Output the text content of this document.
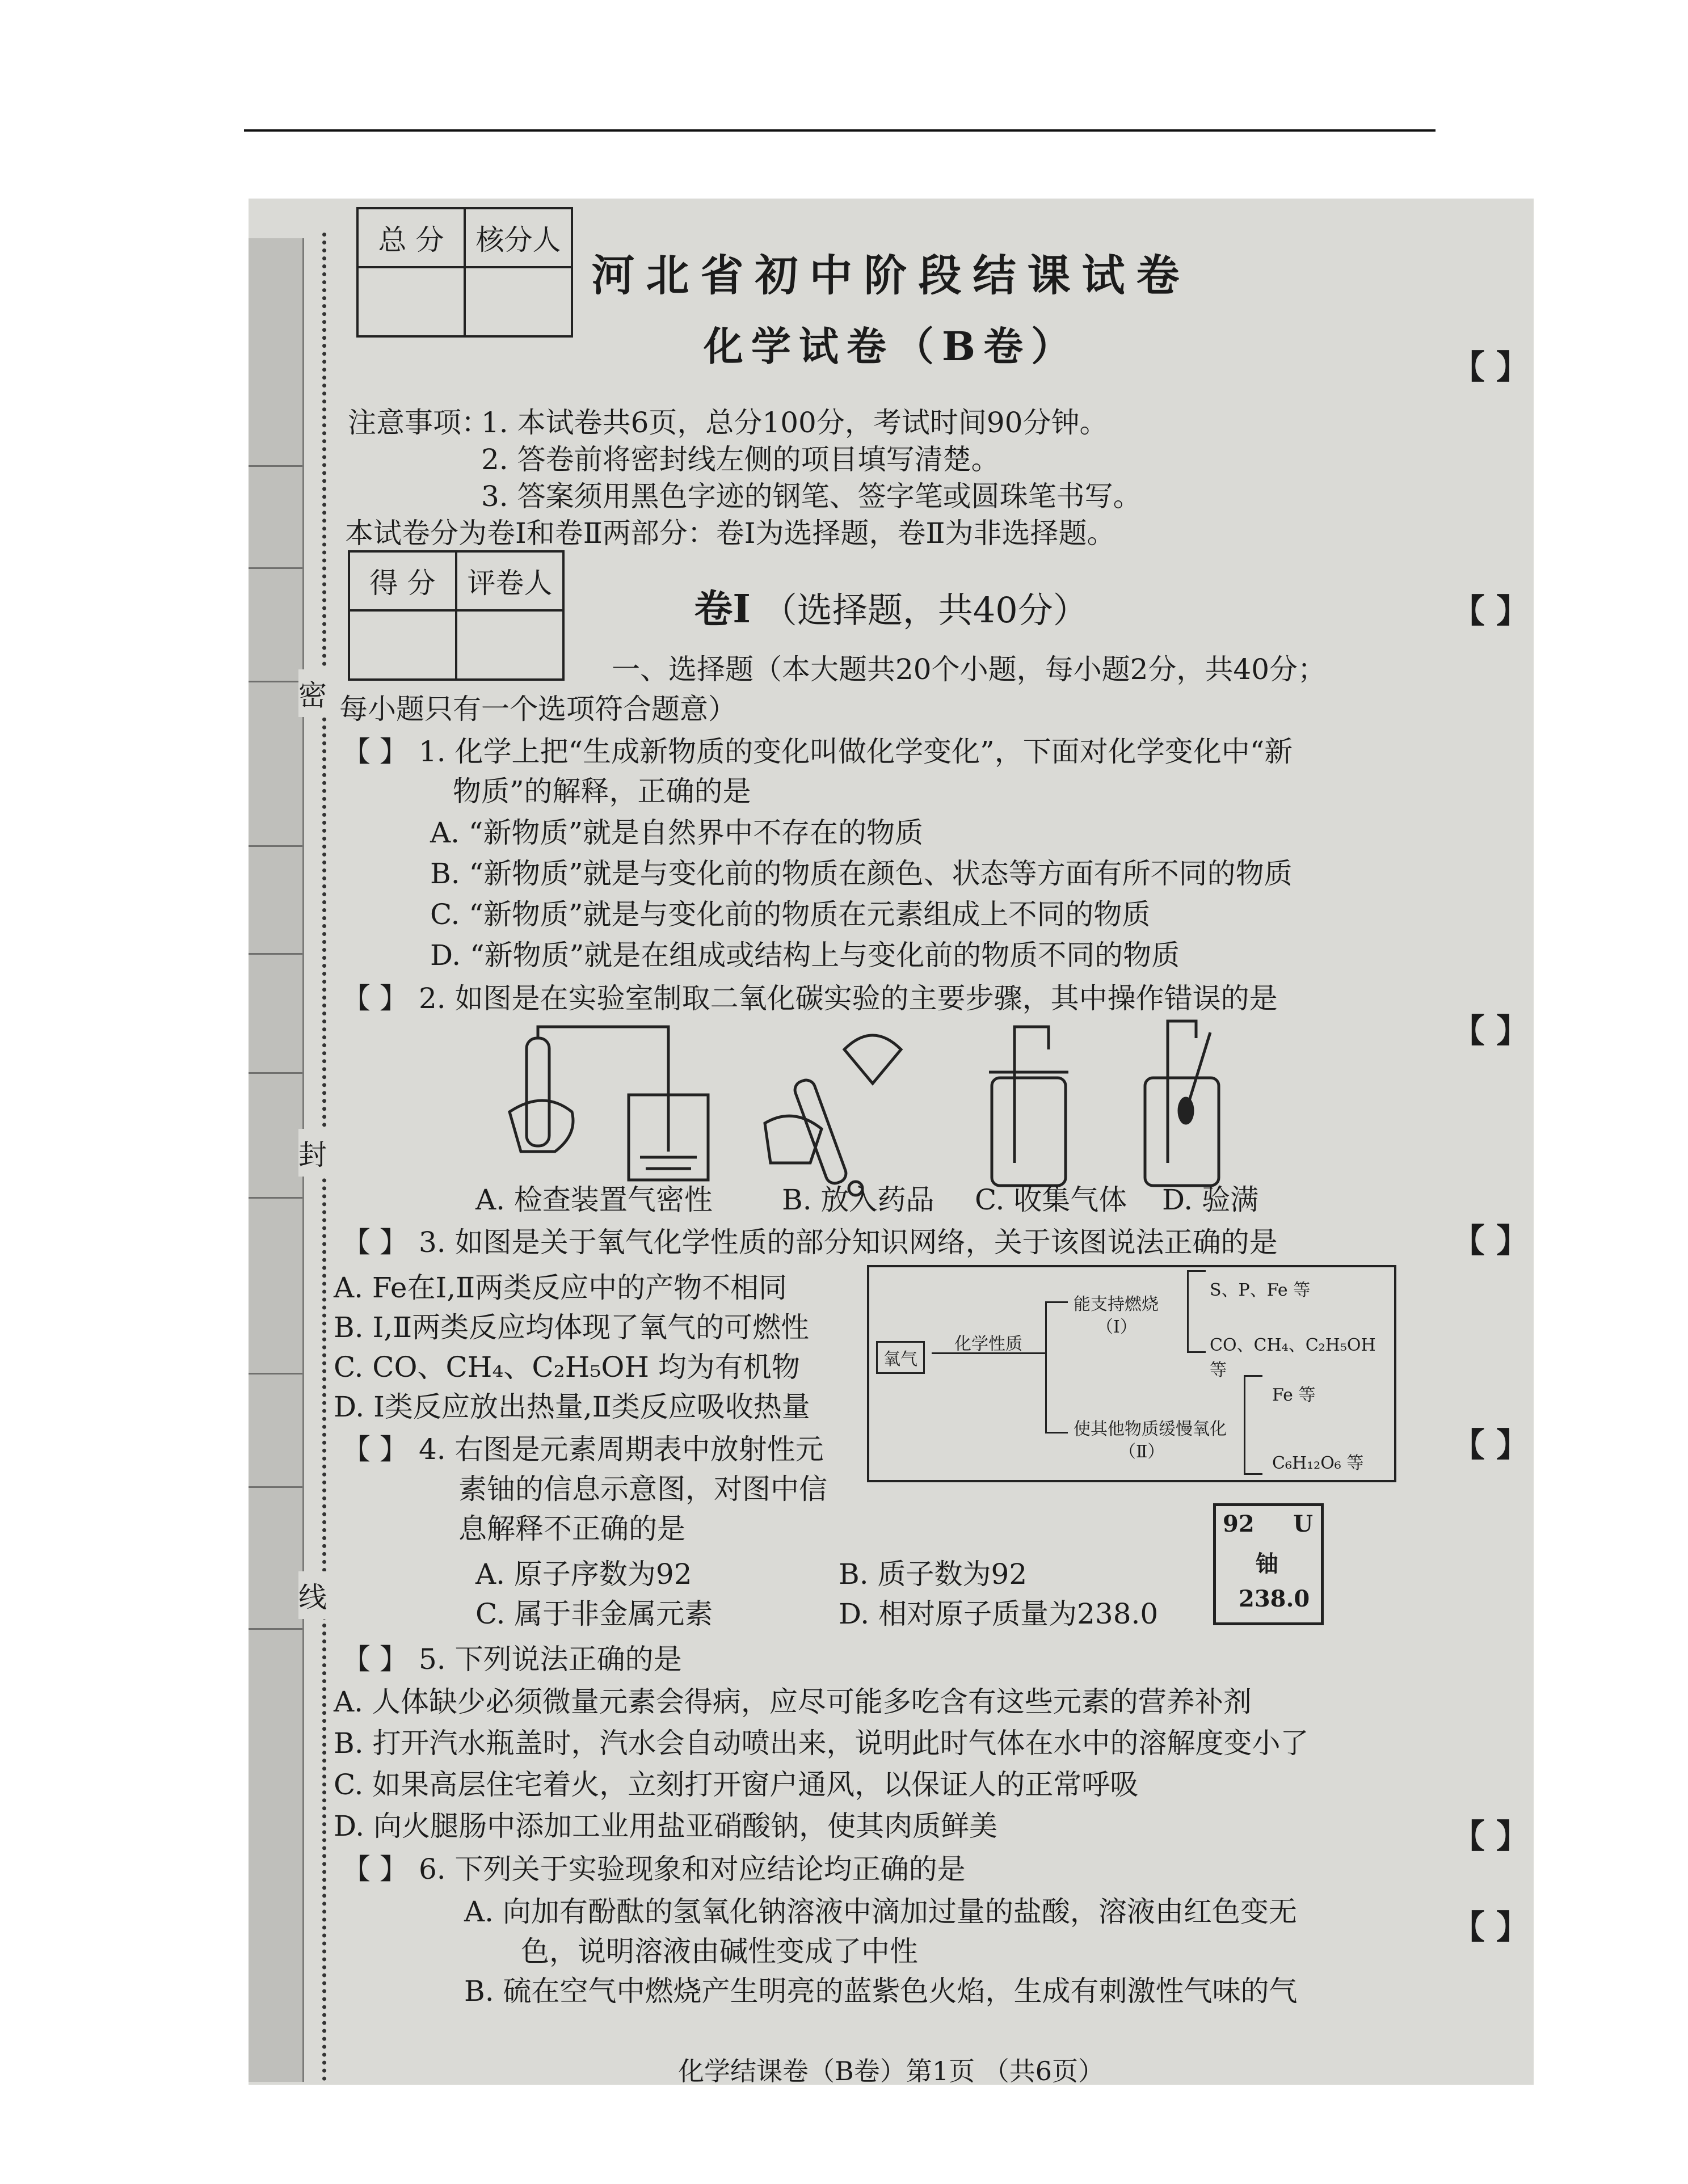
密
封
线
【 】
【 】
【 】
【 】
【 】
【 】
【 】
总 分	核分人

河北省初中阶段结课试卷
化学试卷（B卷）
注意事项：
1. 本试卷共6页，总分100分，考试时间90分钟。
2. 答卷前将密封线左侧的项目填写清楚。
3. 答案须用黑色字迹的钢笔、签字笔或圆珠笔书写。
本试卷分为卷Ⅰ和卷Ⅱ两部分：卷Ⅰ为选择题，卷Ⅱ为非选择题。
得 分	评卷人

卷Ⅰ （选择题，共40分）
一、选择题（本大题共20个小题，每小题2分，共40分；
每小题只有一个选项符合题意）
【 】 1. 化学上把“生成新物质的变化叫做化学变化”，下面对化学变化中“新
物质”的解释，正确的是
A. “新物质”就是自然界中不存在的物质
B. “新物质”就是与变化前的物质在颜色、状态等方面有所不同的物质
C. “新物质”就是与变化前的物质在元素组成上不同的物质
D. “新物质”就是在组成或结构上与变化前的物质不同的物质
【 】 2. 如图是在实验室制取二氧化碳实验的主要步骤，其中操作错误的是
A. 检查装置气密性 B. 放入药品 C. 收集气体 D. 验满
【 】 3. 如图是关于氧气化学性质的部分知识网络，关于该图说法正确的是
A. Fe在Ⅰ,Ⅱ两类反应中的产物不相同
B. Ⅰ,Ⅱ两类反应均体现了氧气的可燃性
C. CO、CH₄、C₂H₅OH 均为有机物
D. Ⅰ类反应放出热量,Ⅱ类反应吸收热量
氧气
化学性质
能支持燃烧
（Ⅰ）
使其他物质缓慢氧化
（Ⅱ）
S、P、Fe 等
CO、CH₄、C₂H₅OH 等
Fe 等
C₆H₁₂O₆ 等
【 】 4. 右图是元素周期表中放射性元
素铀的信息示意图，对图中信
息解释不正确的是
A. 原子序数为92	B. 质子数为92
C. 属于非金属元素	D. 相对原子质量为238.0
92 U
铀
238.0
【 】 5. 下列说法正确的是
A. 人体缺少必须微量元素会得病，应尽可能多吃含有这些元素的营养补剂
B. 打开汽水瓶盖时，汽水会自动喷出来，说明此时气体在水中的溶解度变小了
C. 如果高层住宅着火，立刻打开窗户通风，以保证人的正常呼吸
D. 向火腿肠中添加工业用盐亚硝酸钠，使其肉质鲜美
【 】 6. 下列关于实验现象和对应结论均正确的是
A. 向加有酚酞的氢氧化钠溶液中滴加过量的盐酸，溶液由红色变无
色，说明溶液由碱性变成了中性
B. 硫在空气中燃烧产生明亮的蓝紫色火焰，生成有刺激性气味的气
化学结课卷（B卷）第1页 （共6页）
